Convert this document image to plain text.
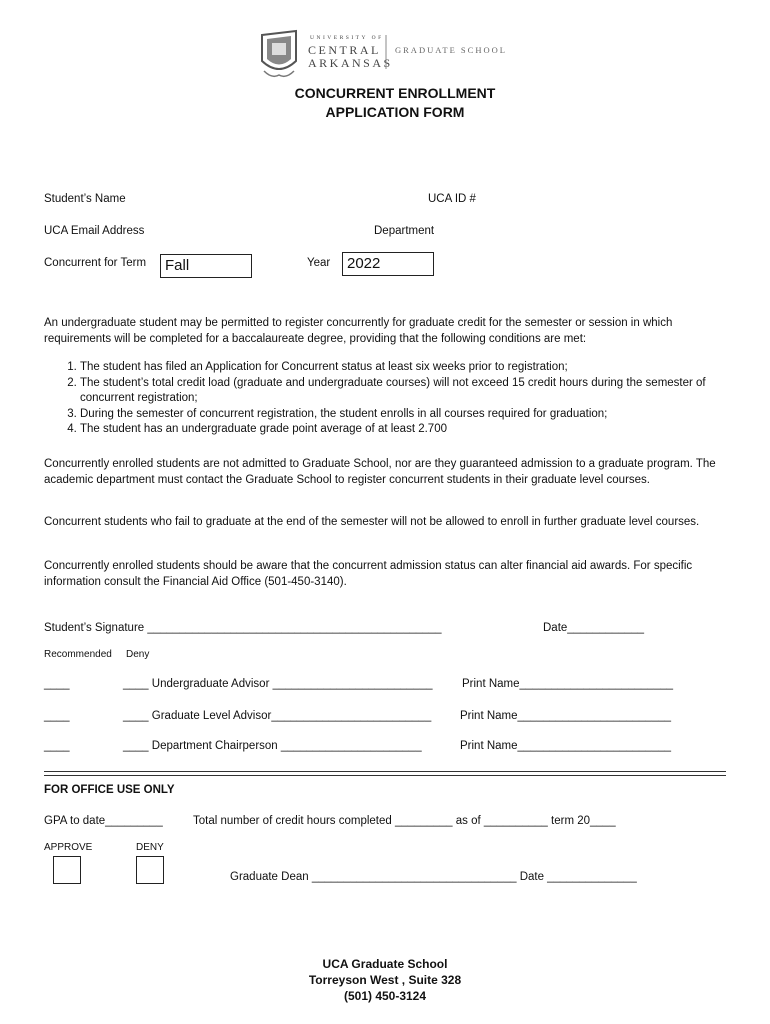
UNIVERSITY OF
CENTRAL
ARKANSAS
GRADUATE SCHOOL
CONCURRENT ENROLLMENT
APPLICATION FORM
Student’s Name	UCA ID #
UCA Email Address	Department
Concurrent for Term	Fall	Year	2022
An undergraduate student may be permitted to register concurrently for graduate credit for the semester or session in which requirements will be completed for a baccalaureate degree, providing that the following conditions are met:
1. The student has filed an Application for Concurrent status at least six weeks prior to registration;
2. The student’s total credit load (graduate and undergraduate courses) will not exceed 15 credit hours during the semester of concurrent registration;
3. During the semester of concurrent registration, the student enrolls in all courses required for graduation;
4. The student has an undergraduate grade point average of at least 2.700
Concurrently enrolled students are not admitted to Graduate School, nor are they guaranteed admission to a graduate program. The academic department must contact the Graduate School to register concurrent students in their graduate level courses.
Concurrent students who fail to graduate at the end of the semester will not be allowed to enroll in further graduate level courses.
Concurrently enrolled students should be aware that the concurrent admission status can alter financial aid awards. For specific information consult the Financial Aid Office (501-450-3140).
Student’s Signature ______________________________________________	Date____________
Recommended Deny
____	____ Undergraduate Advisor _________________________	Print Name________________________
____	____ Graduate Level Advisor_________________________	Print Name________________________
____	____ Department Chairperson ______________________	Print Name________________________
FOR OFFICE USE ONLY
GPA to date_________	Total number of credit hours completed _________ as of __________ term 20____
APPROVE	DENY
Graduate Dean ________________________________ Date ______________
UCA Graduate School
Torreyson West , Suite 328
(501) 450-3124
